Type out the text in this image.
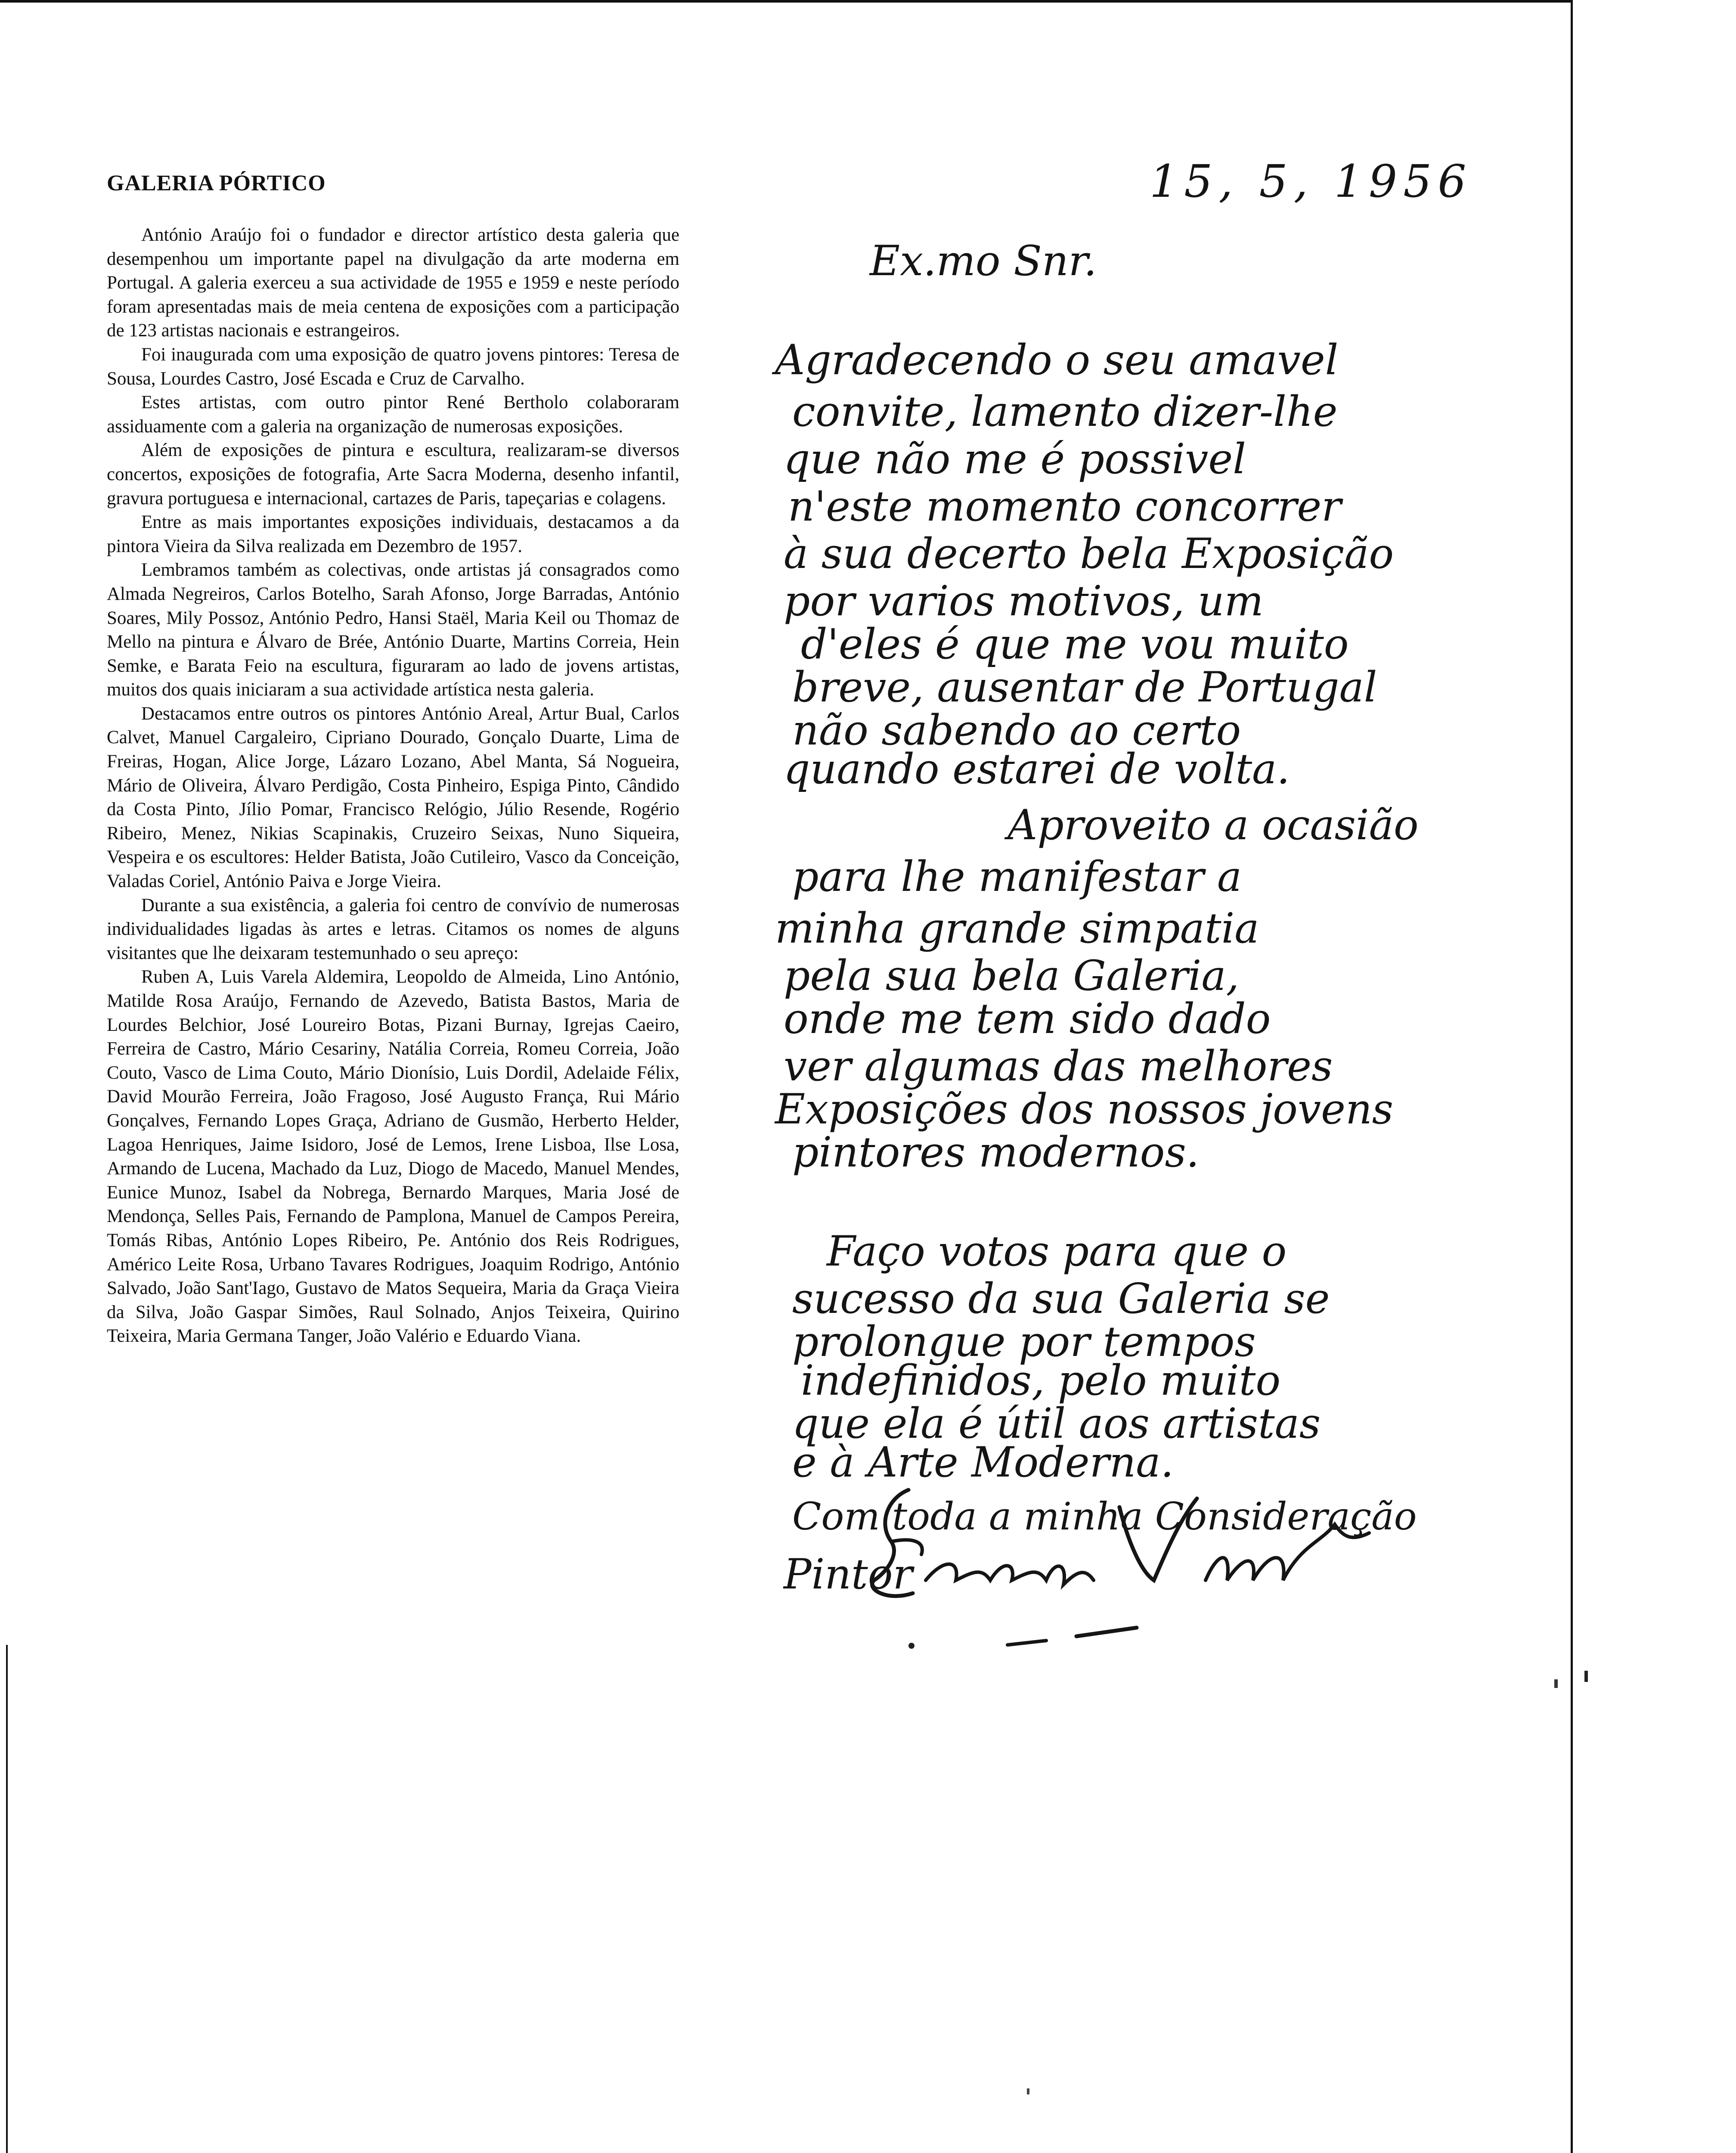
GALERIA PÓRTICO

António Araújo foi o fundador e director artístico desta galeria que desempenhou um importante papel na divulgação da arte moderna em Portugal. A galeria exerceu a sua actividade de 1955 e 1959 e neste período foram apresentadas mais de meia centena de exposições com a participação de 123 artistas nacionais e estrangeiros.

Foi inaugurada com uma exposição de quatro jovens pintores: Teresa de Sousa, Lourdes Castro, José Escada e Cruz de Carvalho.

Estes artistas, com outro pintor René Bertholo colaboraram assiduamente com a galeria na organização de numerosas exposições.

Além de exposições de pintura e escultura, realizaram-se diversos concertos, exposições de fotografia, Arte Sacra Moderna, desenho infantil, gravura portuguesa e internacional, cartazes de Paris, tapeçarias e colagens.

Entre as mais importantes exposições individuais, destacamos a da pintora Vieira da Silva realizada em Dezembro de 1957.

Lembramos também as colectivas, onde artistas já consagrados como Almada Negreiros, Carlos Botelho, Sarah Afonso, Jorge Barradas, António Soares, Mily Possoz, António Pedro, Hansi Staël, Maria Keil ou Thomaz de Mello na pintura e Álvaro de Brée, António Duarte, Martins Correia, Hein Semke, e Barata Feio na escultura, figuraram ao lado de jovens artistas, muitos dos quais iniciaram a sua actividade artística nesta galeria.

Destacamos entre outros os pintores António Areal, Artur Bual, Carlos Calvet, Manuel Cargaleiro, Cipriano Dourado, Gonçalo Duarte, Lima de Freiras, Hogan, Alice Jorge, Lázaro Lozano, Abel Manta, Sá Nogueira, Mário de Oliveira, Álvaro Perdigão, Costa Pinheiro, Espiga Pinto, Cândido da Costa Pinto, Jílio Pomar, Francisco Relógio, Júlio Resende, Rogério Ribeiro, Menez, Nikias Scapinakis, Cruzeiro Seixas, Nuno Siqueira, Vespeira e os escultores: Helder Batista, João Cutileiro, Vasco da Conceição, Valadas Coriel, António Paiva e Jorge Vieira.

Durante a sua existência, a galeria foi centro de convívio de numerosas individualidades ligadas às artes e letras. Citamos os nomes de alguns visitantes que lhe deixaram testemunhado o seu apreço:

Ruben A, Luis Varela Aldemira, Leopoldo de Almeida, Lino António, Matilde Rosa Araújo, Fernando de Azevedo, Batista Bastos, Maria de Lourdes Belchior, José Loureiro Botas, Pizani Burnay, Igrejas Caeiro, Ferreira de Castro, Mário Cesariny, Natália Correia, Romeu Correia, João Couto, Vasco de Lima Couto, Mário Dionísio, Luis Dordil, Adelaide Félix, David Mourão Ferreira, João Fragoso, José Augusto França, Rui Mário Gonçalves, Fernando Lopes Graça, Adriano de Gusmão, Herberto Helder, Lagoa Henriques, Jaime Isidoro, José de Lemos, Irene Lisboa, Ilse Losa, Armando de Lucena, Machado da Luz, Diogo de Macedo, Manuel Mendes, Eunice Munoz, Isabel da Nobrega, Bernardo Marques, Maria José de Mendonça, Selles Pais, Fernando de Pamplona, Manuel de Campos Pereira, Tomás Ribas, António Lopes Ribeiro, Pe. António dos Reis Rodrigues, Américo Leite Rosa, Urbano Tavares Rodrigues, Joaquim Rodrigo, António Salvado, João Sant'Iago, Gustavo de Matos Sequeira, Maria da Graça Vieira da Silva, João Gaspar Simões, Raul Solnado, Anjos Teixeira, Quirino Teixeira, Maria Germana Tanger, João Valério e Eduardo Viana.

15, 5, 1956
Ex.mo Snr.
Agradecendo o seu amavel
convite, lamento dizer-lhe
que não me é possivel
n'este momento concorrer
à sua decerto bela Exposição
por varios motivos, um
d'eles é que me vou muito
breve, ausentar de Portugal
não sabendo ao certo
quando estarei de volta.
Aproveito a ocasião
para lhe manifestar a
minha grande simpatia
pela sua bela Galeria,
onde me tem sido dado
ver algumas das melhores
Exposições dos nossos jovens
pintores modernos.
Faço votos para que o
sucesso da sua Galeria se
prolongue por tempos
indefinidos, pelo muito
que ela é útil aos artistas
e à Arte Moderna.
Com toda a minha Consideração
Pintor
